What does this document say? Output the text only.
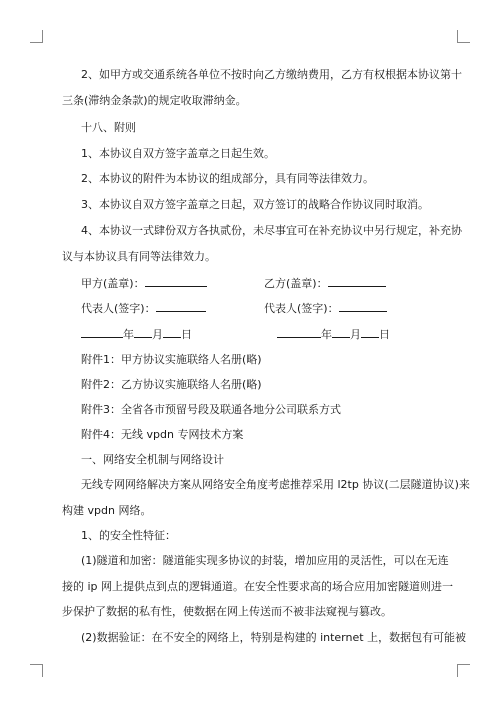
2、如甲方或交通系统各单位不按时向乙方缴纳费用，乙方有权根据本协议第十
三条(滞纳金条款)的规定收取滞纳金。
十八、附则
1、本协议自双方签字盖章之日起生效。
2、本协议的附件为本协议的组成部分，具有同等法律效力。
3、本协议自双方签字盖章之日起，双方签订的战略合作协议同时取消。
4、本协议一式肆份双方各执贰份，未尽事宜可在补充协议中另行规定，补充协
议与本协议具有同等法律效力。
甲方(盖章)：	乙方(盖章)：
代表人(签字)：	代表人(签字)：
年 月 日	年 月 日
附件1：甲方协议实施联络人名册(略)
附件2：乙方协议实施联络人名册(略)
附件3：全省各市预留号段及联通各地分公司联系方式
附件4：无线 vpdn 专网技术方案
一、网络安全机制与网络设计
无线专网网络解决方案从网络安全角度考虑推荐采用 l2tp 协议(二层隧道协议)来
构建 vpdn 网络。
1、的安全性特征：
(1)隧道和加密：隧道能实现多协议的封装，增加应用的灵活性，可以在无连
接的 ip 网上提供点到点的逻辑通道。在安全性要求高的场合应用加密隧道则进一
步保护了数据的私有性，使数据在网上传送而不被非法窥视与篡改。
(2)数据验证：在不安全的网络上，特别是构建的 internet 上，数据包有可能被
